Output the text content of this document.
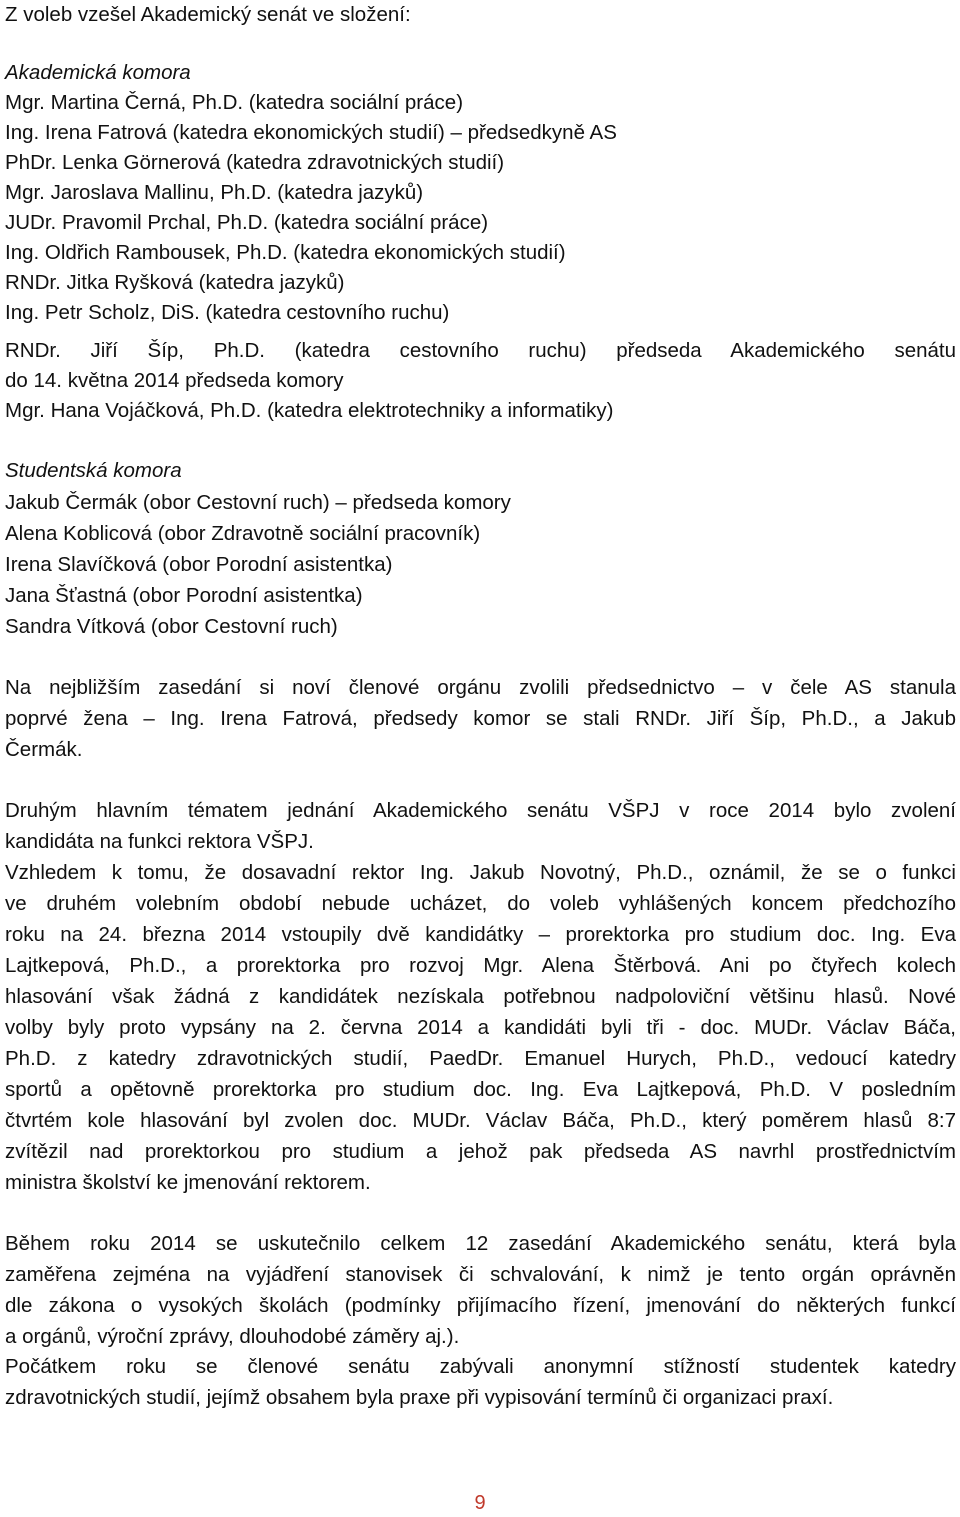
Z voleb vzešel Akademický senát ve složení:
Akademická komora
Mgr. Martina Černá, Ph.D. (katedra sociální práce)
Ing. Irena Fatrová (katedra ekonomických studií) – předsedkyně AS
PhDr. Lenka Görnerová (katedra zdravotnických studií)
Mgr. Jaroslava Mallinu, Ph.D. (katedra jazyků)
JUDr. Pravomil Prchal, Ph.D. (katedra sociální práce)
Ing. Oldřich Rambousek, Ph.D. (katedra ekonomických studií)
RNDr. Jitka Ryšková (katedra jazyků)
Ing. Petr Scholz, DiS. (katedra cestovního ruchu)
RNDr. Jiří Šíp, Ph.D. (katedra cestovního ruchu) předseda Akademického senátu
do 14. května 2014 předseda komory
Mgr. Hana Vojáčková, Ph.D. (katedra elektrotechniky a informatiky)
Studentská komora
Jakub Čermák (obor Cestovní ruch) – předseda komory
Alena Koblicová (obor Zdravotně sociální pracovník)
Irena Slavíčková (obor Porodní asistentka)
Jana Šťastná (obor Porodní asistentka)
Sandra Vítková (obor Cestovní ruch)
Na nejbližším zasedání si noví členové orgánu zvolili předsednictvo – v čele AS stanula
poprvé žena – Ing. Irena Fatrová, předsedy komor se stali RNDr. Jiří Šíp, Ph.D., a Jakub
Čermák.
Druhým hlavním tématem jednání Akademického senátu VŠPJ v roce 2014 bylo zvolení
kandidáta na funkci rektora VŠPJ.
Vzhledem k tomu, že dosavadní rektor Ing. Jakub Novotný, Ph.D., oznámil, že se o funkci
ve druhém volebním období nebude ucházet, do voleb vyhlášených koncem předchozího
roku na 24. března 2014 vstoupily dvě kandidátky – prorektorka pro studium doc. Ing. Eva
Lajtkepová, Ph.D., a prorektorka pro rozvoj Mgr. Alena Štěrbová. Ani po čtyřech kolech
hlasování však žádná z kandidátek nezískala potřebnou nadpoloviční většinu hlasů. Nové
volby byly proto vypsány na 2. června 2014 a kandidáti byli tři - doc. MUDr. Václav Báča,
Ph.D. z katedry zdravotnických studií, PaedDr. Emanuel Hurych, Ph.D., vedoucí katedry
sportů a opětovně prorektorka pro studium doc. Ing. Eva Lajtkepová, Ph.D. V posledním
čtvrtém kole hlasování byl zvolen doc. MUDr. Václav Báča, Ph.D., který poměrem hlasů 8:7
zvítězil nad prorektorkou pro studium a jehož pak předseda AS navrhl prostřednictvím
ministra školství ke jmenování rektorem.
Během roku 2014 se uskutečnilo celkem 12 zasedání Akademického senátu, která byla
zaměřena zejména na vyjádření stanovisek či schvalování, k nimž je tento orgán oprávněn
dle zákona o vysokých školách (podmínky přijímacího řízení, jmenování do některých funkcí
a orgánů, výroční zprávy, dlouhodobé záměry aj.).
Počátkem roku se členové senátu zabývali anonymní stížností studentek katedry
zdravotnických studií, jejímž obsahem byla praxe při vypisování termínů či organizaci praxí.
9
